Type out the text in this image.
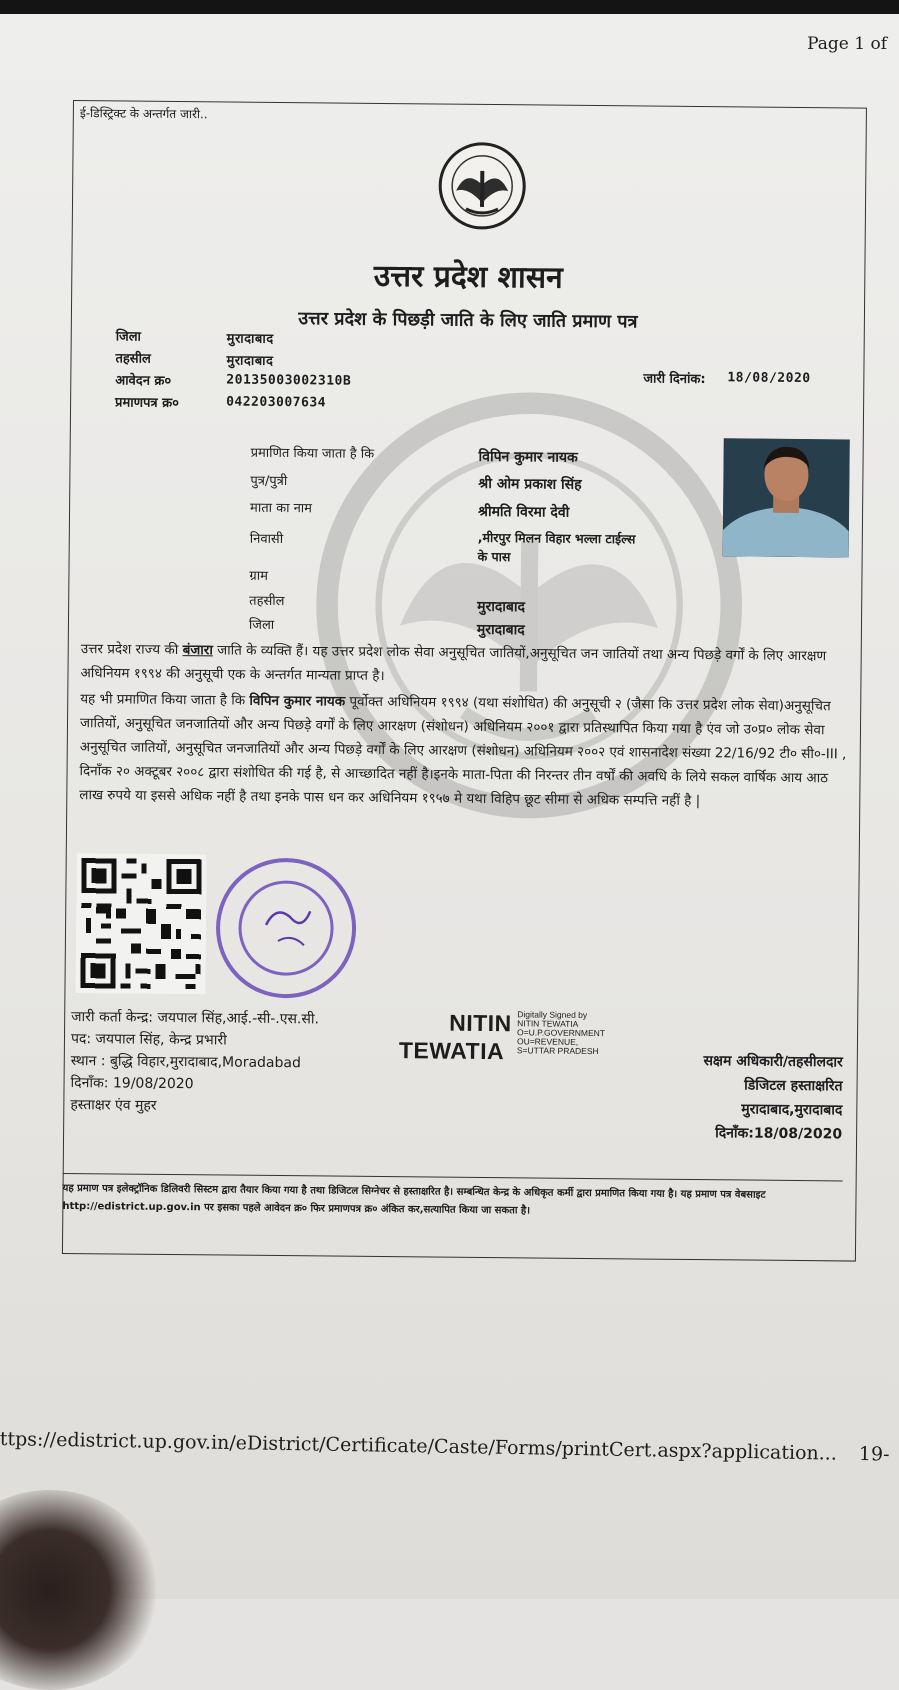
Page 1 of
ई-डिस्ट्रिक्ट के अन्तर्गत जारी..
उत्तर प्रदेश शासन
उत्तर प्रदेश के पिछड़ी जाति के लिए जाति प्रमाण पत्र
जिला	मुरादाबाद
तहसील	मुरादाबाद
आवेदन क्र०	20135003002310B
प्रमाणपत्र क्र०	042203007634
जारी दिनांक: 18/08/2020
प्रमाणित किया जाता है कि	विपिन कुमार नायक
पुत्र/पुत्री	श्री ओम प्रकाश सिंह
माता का नाम	श्रीमति विरमा देवी
निवासी	,मीरपुर मिलन विहार भल्ला टाईल्स
के पास
ग्राम
तहसील	मुरादाबाद
जिला	मुरादाबाद
उत्तर प्रदेश राज्य की बंजारा जाति के व्यक्ति हैं। यह उत्तर प्रदेश लोक सेवा अनुसूचित जातियों,अनुसूचित जन जातियों तथा अन्य पिछड़े वर्गों के लिए आरक्षण अधिनियम १९९४ की अनुसूची एक के अन्तर्गत मान्यता प्राप्त है।
यह भी प्रमाणित किया जाता है कि विपिन कुमार नायक पूर्वोक्त अधिनियम १९९४ (यथा संशोधित) की अनुसूची २ (जैसा कि उत्तर प्रदेश लोक सेवा)अनुसूचित जातियों, अनुसूचित जनजातियों और अन्य पिछड़े वर्गों के लिए आरक्षण (संशोधन) अधिनियम २००१ द्वारा प्रतिस्थापित किया गया है एंव जो उ०प्र० लोक सेवा अनुसूचित जातियों, अनुसूचित जनजातियों और अन्य पिछड़े वर्गों के लिए आरक्षण (संशोधन) अधिनियम २००२ एवं शासनादेश संख्या 22/16/92 टी० सी०-III , दिनाँक २० अक्टूबर २००८ द्वारा संशोधित की गई है, से आच्छादित नहीं है।इनके माता-पिता की निरन्तर तीन वर्षों की अवधि के लिये सकल वार्षिक आय आठ लाख रुपये या इससे अधिक नहीं है तथा इनके पास धन कर अधिनियम १९५७ मे यथा विहिप छूट सीमा से अधिक सम्पत्ति नहीं है |
जारी कर्ता केन्द्र: जयपाल सिंह,आई.-सी-.एस.सी.
पद: जयपाल सिंह, केन्द्र प्रभारी
स्थान : बुद्धि विहार,मुरादाबाद,Moradabad
दिनाँक: 19/08/2020
हस्ताक्षर एंव मुहर
NITIN
TEWATIA
Digitally Signed by
NITIN TEWATIA
O=U.P.GOVERNMENT
OU=REVENUE,
S=UTTAR PRADESH
सक्षम अधिकारी/तहसीलदार
डिजिटल हस्ताक्षरित
मुरादाबाद,मुरादाबाद
दिनाँक:18/08/2020
यह प्रमाण पत्र इलेक्ट्रॉनिक डिलिवरी सिस्टम द्वारा तैयार किया गया है तथा डिजिटल सिग्नेचर से हस्ताक्षरित है। सम्बन्धित केन्द्र के अधिकृत कर्मी द्वारा प्रमाणित किया गया है। यह प्रमाण पत्र वेबसाइट http://edistrict.up.gov.in पर इसका पहले आवेदन क्र० फिर प्रमाणपत्र क्र० अंकित कर,सत्यापित किया जा सकता है।
ttps://edistrict.up.gov.in/eDistrict/Certificate/Caste/Forms/printCert.aspx?application... 19-
